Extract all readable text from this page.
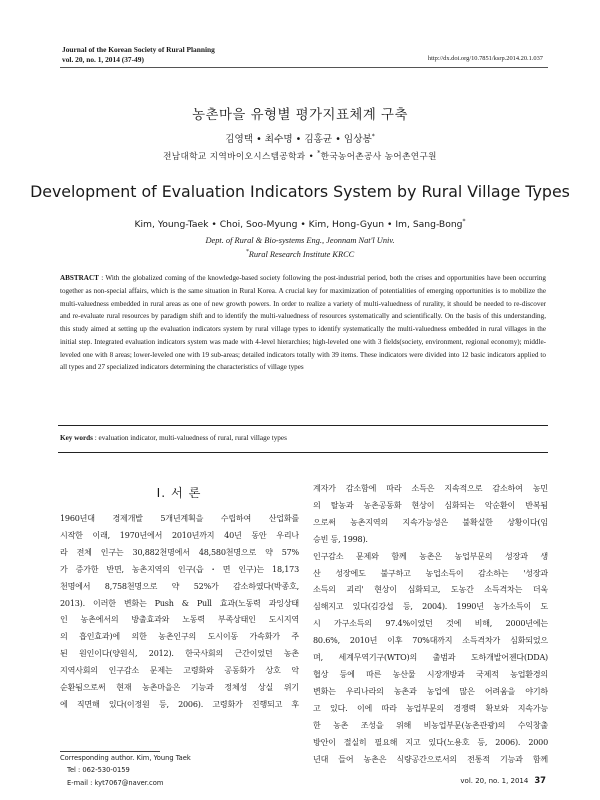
Journal of the Korean Society of Rural Planning
vol. 20, no. 1, 2014 (37-49)	http://dx.doi.org/10.7851/ksrp.2014.20.1.037
농촌마을 유형별 평가지표체계 구축
김영택 • 최수명 • 김홍균 • 임상봉*
전남대학교 지역바이오시스템공학과 • *한국농어촌공사 농어촌연구원
Development of Evaluation Indicators System by Rural Village Types
Kim, Young-Taek • Choi, Soo-Myung • Kim, Hong-Gyun • Im, Sang-Bong*
Dept. of Rural & Bio-systems Eng., Jeonnam Nat'l Univ.
*Rural Research Institute KRCC
ABSTRACT : With the globalized coming of the knowledge-based society following the post-industrial period, both the crises and opportunities have been occurring together as non-special affairs, which is the same situation in Rural Korea. A crucial key for maximization of potentialities of emerging opportunities is to mobilize the multi-valuedness embedded in rural areas as one of new growth powers. In order to realize a variety of multi-valuedness of rurality, it should be needed to re-discover and re-evaluate rural resources by paradigm shift and to identify the multi-valuedness of resources systematically and scientifically. On the basis of this understanding, this study aimed at setting up the evaluation indicators system by rural village types to identify systematically the multi-valuedness embedded in rural villages in the initial step. Integrated evaluation indicators system was made with 4-level hierarchies; high-leveled one with 3 fields(society, environment, regional economy); middle-leveled one with 8 areas; lower-leveled one with 19 sub-areas; detailed indicators totally with 39 items. These indicators were divided into 12 basic indicators applied to all types and 27 specialized indicators determining the characteristics of village types
Key words : evaluation indicator, multi-valuedness of rural, rural village types
Ⅰ. 서 론
1960년대 경제개발 5개년계획을 수립하여 산업화를
시작한 이래, 1970년에서 2010년까지 40년 동안 우리나
라 전체 인구는 30,882천명에서 48,580천명으로 약 57%
가 증가한 반면, 농촌지역의 인구(읍・면 인구)는 18,173
천명에서 8,758천명으로 약 52%가 감소하였다(박종호,
2013). 이러한 변화는 Push & Pull 효과(노동력 과잉상태
인 농촌에서의 방출효과와 노동력 부족상태인 도시지역
의 흡인효과)에 의한 농촌인구의 도시이동 가속화가 주
된 원인이다(양원식, 2012). 한국사회의 근간이었던 농촌
지역사회의 인구감소 문제는 고령화와 공동화가 상호 악
순환됨으로써 현재 농촌마을은 기능과 정체성 상실 위기
에 직면해 있다(이정원 등, 2006). 고령화가 진행되고 후
계자가 감소함에 따라 소득은 지속적으로 감소하여 농민
의 탈농과 농촌공동화 현상이 심화되는 악순환이 반복됨
으로써 농촌지역의 지속가능성은 불확실한 상황이다(임
승빈 등, 1998).
인구감소 문제와 함께 농촌은 농업부문의 성장과 생
산 성장에도 불구하고 농업소득이 감소하는 '성장과
소득의 괴리' 현상이 심화되고, 도농간 소득격차는 더욱
심해지고 있다(김강섭 등, 2004). 1990년 농가소득이 도
시 가구소득의 97.4%이었던 것에 비해, 2000년에는
80.6%, 2010년 이후 70%대까지 소득격차가 심화되었으
며, 세계무역기구(WTO)의 출범과 도하개발어젠다(DDA)
협상 등에 따른 농산물 시장개방과 국제적 농업환경의
변화는 우리나라의 농촌과 농업에 많은 어려움을 야기하
고 있다. 이에 따라 농업부문의 경쟁력 확보와 지속가능
한 농촌 조성을 위해 비농업부문(농촌관광)의 수익창출
방안이 절실히 필요해 지고 있다(노용호 등, 2006). 2000
년대 들어 농촌은 식량공간으로서의 전통적 기능과 함께
Corresponding author. Kim, Young Taek
Tel : 062-530-0159
E-mail : kyt7067@naver.com	vol. 20, no. 1, 2014 37
